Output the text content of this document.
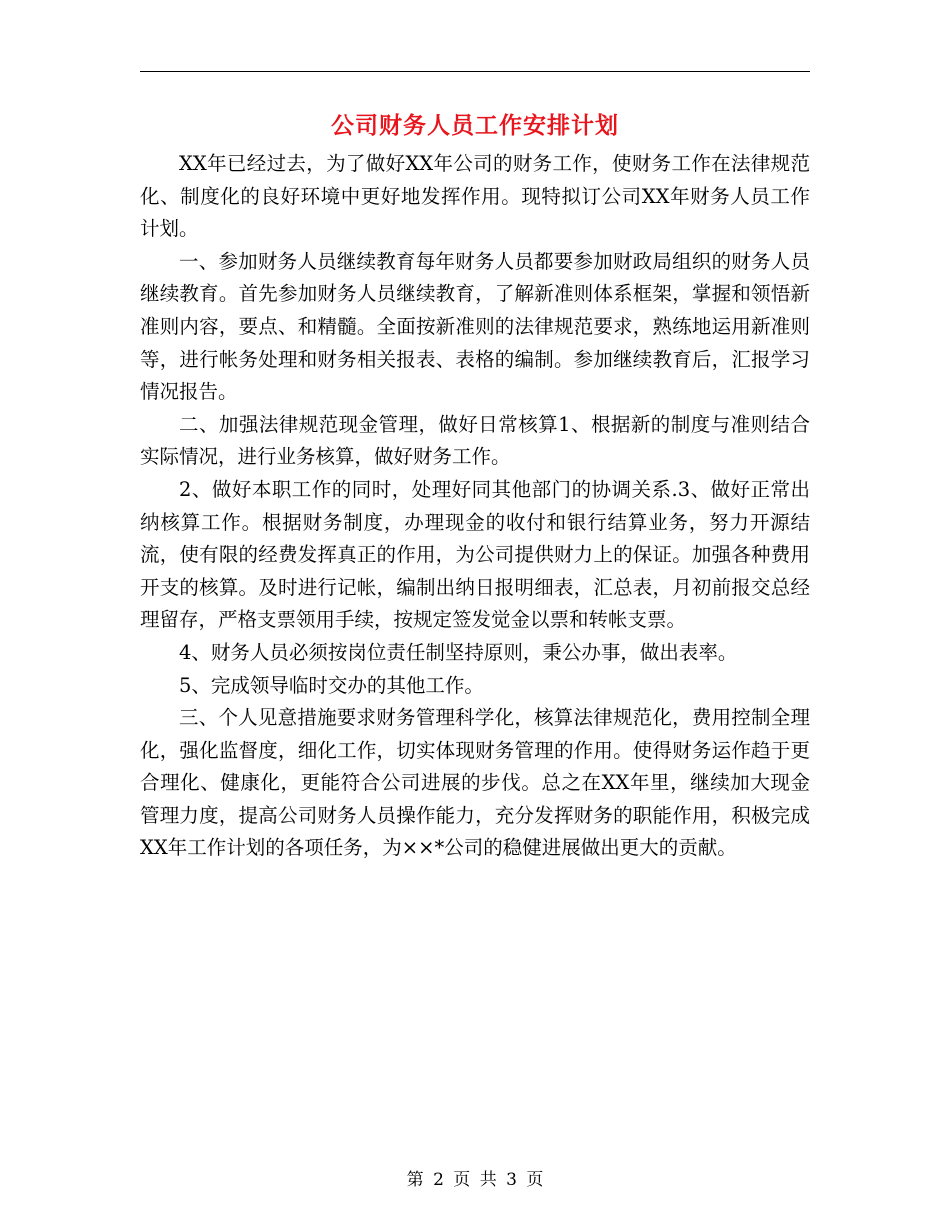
公司财务人员工作安排计划

XX年已经过去，为了做好XX年公司的财务工作，使财务工作在法律规范化、制度化的良好环境中更好地发挥作用。现特拟订公司XX年财务人员工作计划。

一、参加财务人员继续教育每年财务人员都要参加财政局组织的财务人员继续教育。首先参加财务人员继续教育，了解新准则体系框架，掌握和领悟新准则内容，要点、和精髓。全面按新准则的法律规范要求，熟练地运用新准则等，进行帐务处理和财务相关报表、表格的编制。参加继续教育后，汇报学习情况报告。

二、加强法律规范现金管理，做好日常核算1、根据新的制度与准则结合实际情况，进行业务核算，做好财务工作。

2、做好本职工作的同时，处理好同其他部门的协调关系.3、做好正常出纳核算工作。根据财务制度，办理现金的收付和银行结算业务，努力开源结流，使有限的经费发挥真正的作用，为公司提供财力上的保证。加强各种费用开支的核算。及时进行记帐，编制出纳日报明细表，汇总表，月初前报交总经理留存，严格支票领用手续，按规定签发觉金以票和转帐支票。

4、财务人员必须按岗位责任制坚持原则，秉公办事，做出表率。

5、完成领导临时交办的其他工作。

三、个人见意措施要求财务管理科学化，核算法律规范化，费用控制全理化，强化监督度，细化工作，切实体现财务管理的作用。使得财务运作趋于更合理化、健康化，更能符合公司进展的步伐。总之在XX年里，继续加大现金管理力度，提高公司财务人员操作能力，充分发挥财务的职能作用，积极完成XX年工作计划的各项任务，为××*公司的稳健进展做出更大的贡献。

第 2 页 共 3 页
